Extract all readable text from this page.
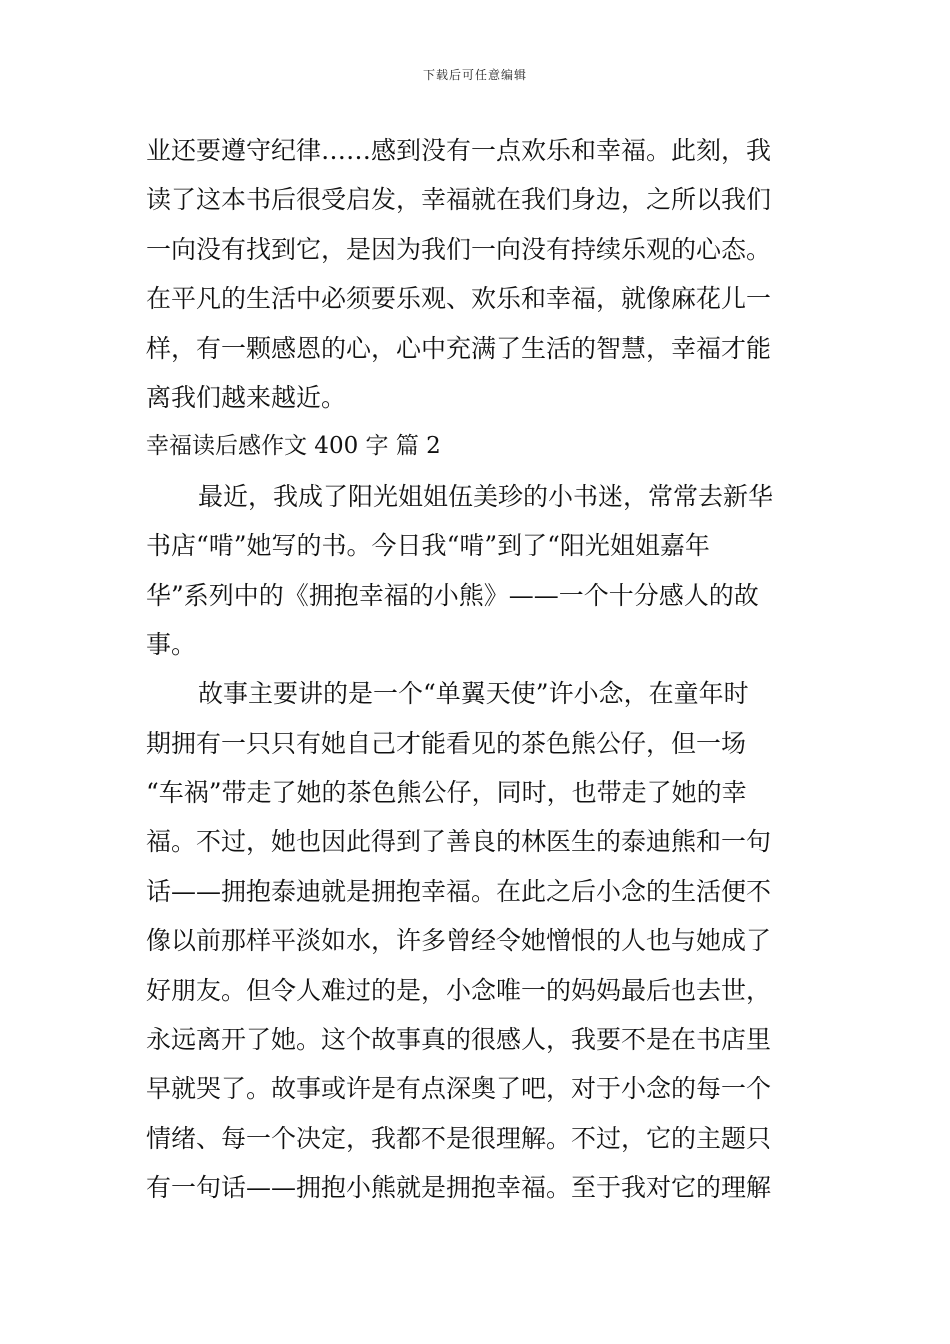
下载后可任意编辑
业还要遵守纪律……感到没有一点欢乐和幸福。此刻，我
读了这本书后很受启发，幸福就在我们身边，之所以我们
一向没有找到它，是因为我们一向没有持续乐观的心态。
在平凡的生活中必须要乐观、欢乐和幸福，就像麻花儿一
样，有一颗感恩的心，心中充满了生活的智慧，幸福才能
离我们越来越近。
幸福读后感作文 400 字 篇 2
最近，我成了阳光姐姐伍美珍的小书迷，常常去新华
书店“啃”她写的书。今日我“啃”到了“阳光姐姐嘉年
华”系列中的《拥抱幸福的小熊》——一个十分感人的故
事。
故事主要讲的是一个“单翼天使”许小念，在童年时
期拥有一只只有她自己才能看见的茶色熊公仔，但一场
“车祸”带走了她的茶色熊公仔，同时，也带走了她的幸
福。不过，她也因此得到了善良的林医生的泰迪熊和一句
话——拥抱泰迪就是拥抱幸福。在此之后小念的生活便不
像以前那样平淡如水，许多曾经令她憎恨的人也与她成了
好朋友。但令人难过的是，小念唯一的妈妈最后也去世，
永远离开了她。这个故事真的很感人，我要不是在书店里
早就哭了。故事或许是有点深奥了吧，对于小念的每一个
情绪、每一个决定，我都不是很理解。不过，它的主题只
有一句话——拥抱小熊就是拥抱幸福。至于我对它的理解
